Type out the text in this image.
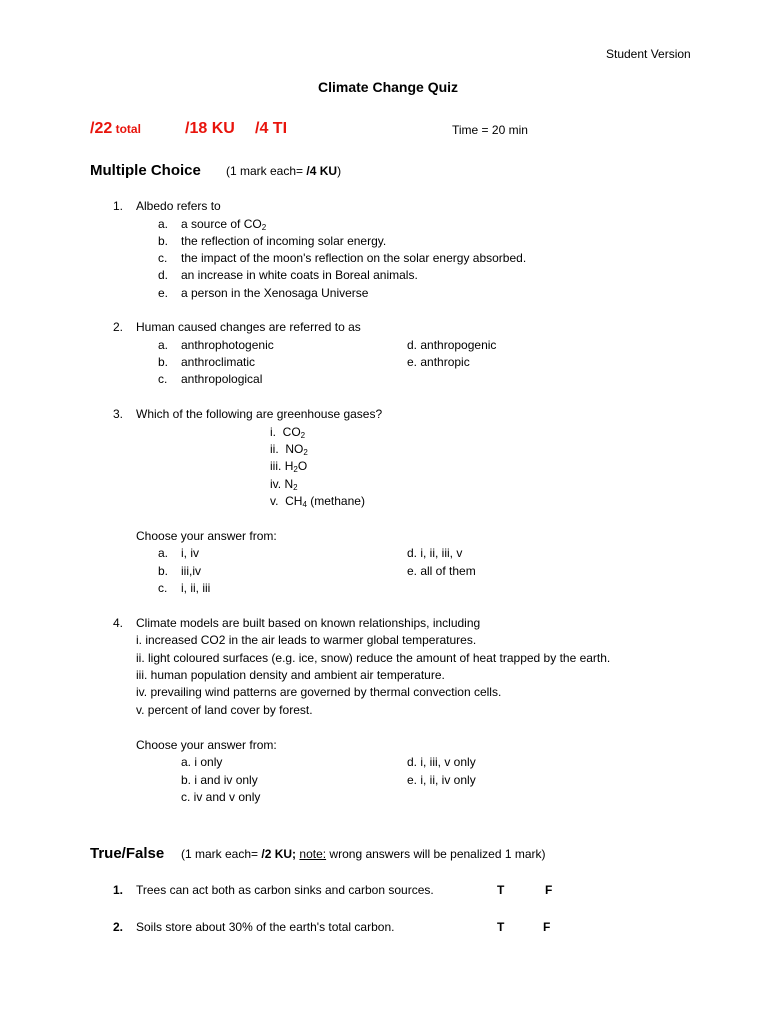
Student Version
Climate Change Quiz
/22 total	/18 KU /4 TI	Time = 20 min
Multiple Choice (1 mark each= /4 KU)
1. Albedo refers to
a. a source of $CO_2$
b. the reflection of incoming solar energy.
c. the impact of the moon's reflection on the solar energy absorbed.
d. an increase in white coats in Boreal animals.
e. a person in the Xenosaga Universe
2. Human caused changes are referred to as
a. anthrophotogenic
b. anthroclimatic
c. anthropological
d. anthropogenic
e. anthropic
3. Which of the following are greenhouse gases?
i. $CO_2$
ii. $NO_2$
iii. $H_2O$
iv. $N_2$
v. $CH_4$ (methane)
Choose your answer from:
a. i, iv
b. iii,iv
c. i, ii, iii
d. i, ii, iii, v
e. all of them
4. Climate models are built based on known relationships, including
i. increased CO2 in the air leads to warmer global temperatures.
ii. light coloured surfaces (e.g. ice, snow) reduce the amount of heat trapped by the earth.
iii. human population density and ambient air temperature.
iv. prevailing wind patterns are governed by thermal convection cells.
v. percent of land cover by forest.
Choose your answer from:
a. i only
b. i and iv only
c. iv and v only
d. i, iii, v only
e. i, ii, iv only
True/False (1 mark each= /2 KU; note: wrong answers will be penalized 1 mark)
1. Trees can act both as carbon sinks and carbon sources.	T	F
2. Soils store about 30% of the earth's total carbon.	T	F
